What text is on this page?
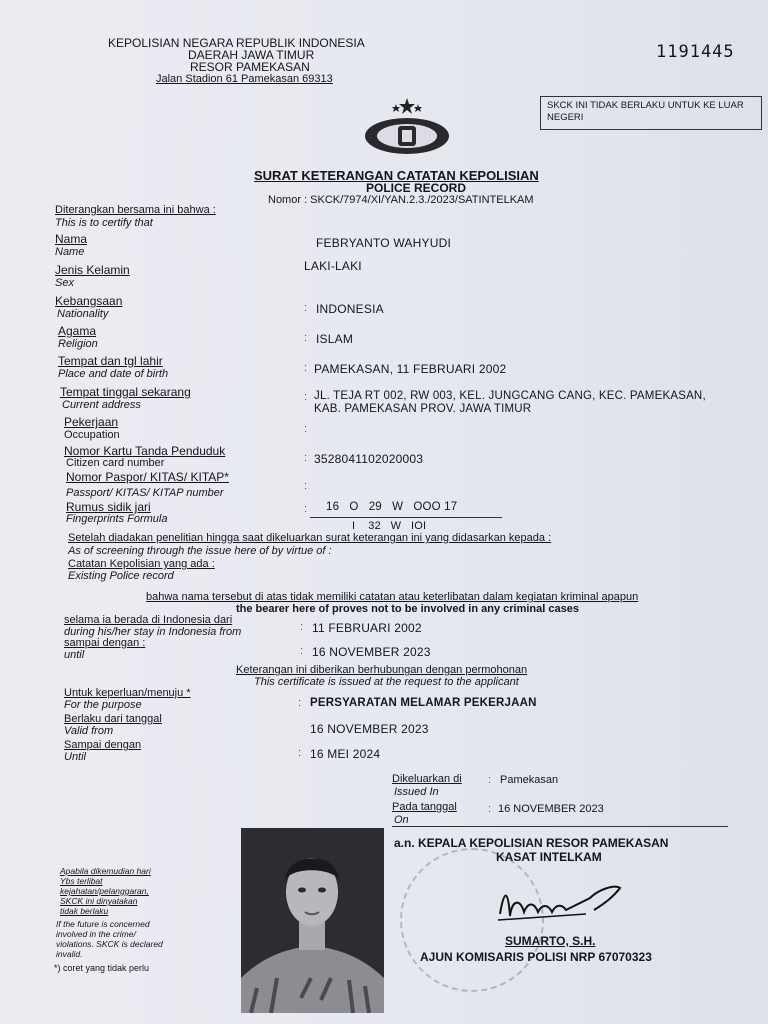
KEPOLISIAN NEGARA REPUBLIK INDONESIA
DAERAH JAWA TIMUR
RESOR PAMEKASAN
Jalan Stadion 61 Pamekasan 69313
1191445
SKCK INI TIDAK BERLAKU UNTUK KE LUAR NEGERI
SURAT KETERANGAN CATATAN KEPOLISIAN
POLICE RECORD
Nomor : SKCK/7974/XI/YAN.2.3./2023/SATINTELKAM
Diterangkan bersama ini bahwa :
This is to certify that
Nama
Name
FEBRYANTO WAHYUDI
Jenis Kelamin
Sex
LAKI-LAKI
Kebangsaan
Nationality	: INDONESIA
Agama
Religion	: ISLAM
Tempat dan tgl lahir
Place and date of birth	: PAMEKASAN, 11 FEBRUARI 2002
Tempat tinggal sekarang
Current address
: JL. TEJA RT 002, RW 003, KEL. JUNGCANG CANG, KEC. PAMEKASAN,
KAB. PAMEKASAN PROV. JAWA TIMUR
Pekerjaan
Occupation	:
Nomor Kartu Tanda Penduduk
Citizen card number	: 3528041102020003
Nomor Paspor/ KITAS/ KITAP*
Passport/ KITAS/ KITAP number
:
Rumus sidik jari
Fingerprints Formula
: 16   O   29   W   OOO 17
I    32   W   IOI
Setelah diadakan penelitian hingga saat dikeluarkan surat keterangan ini yang didasarkan kepada :
As of screening through the issue here of by virtue of :
Catatan Kepolisian yang ada :
Existing Police record
bahwa nama tersebut di atas tidak memiliki catatan atau keterlibatan dalam kegiatan kriminal apapun
the bearer here of proves not to be involved in any criminal cases
selama ia berada di Indonesia dari
during his/her stay in Indonesia from	: 11 FEBRUARI 2002
sampai dengan :
until	: 16 NOVEMBER 2023
Keterangan ini diberikan berhubungan dengan permohonan
This certificate is issued at the request to the applicant
Untuk keperluan/menuju *
For the purpose	: PERSYARATAN MELAMAR PEKERJAAN
Berlaku dari tanggal
Valid from	16 NOVEMBER 2023
Sampai dengan
Until	: 16 MEI 2024
Dikeluarkan di
Issued In
: Pamekasan
Pada tanggal
On
: 16 NOVEMBER 2023
a.n. KEPALA KEPOLISIAN RESOR PAMEKASAN
KASAT INTELKAM
SUMARTO, S.H.
AJUN KOMISARIS POLISI NRP 67070323
Apabila dikemudian hari
Ybs terlibat
kejahatan/pelanggaran,
SKCK ini dinyatakan
tidak berlaku
If the future is concerned
involved in the crime/
violations. SKCK is declared
invalid.
*) coret yang tidak perlu
